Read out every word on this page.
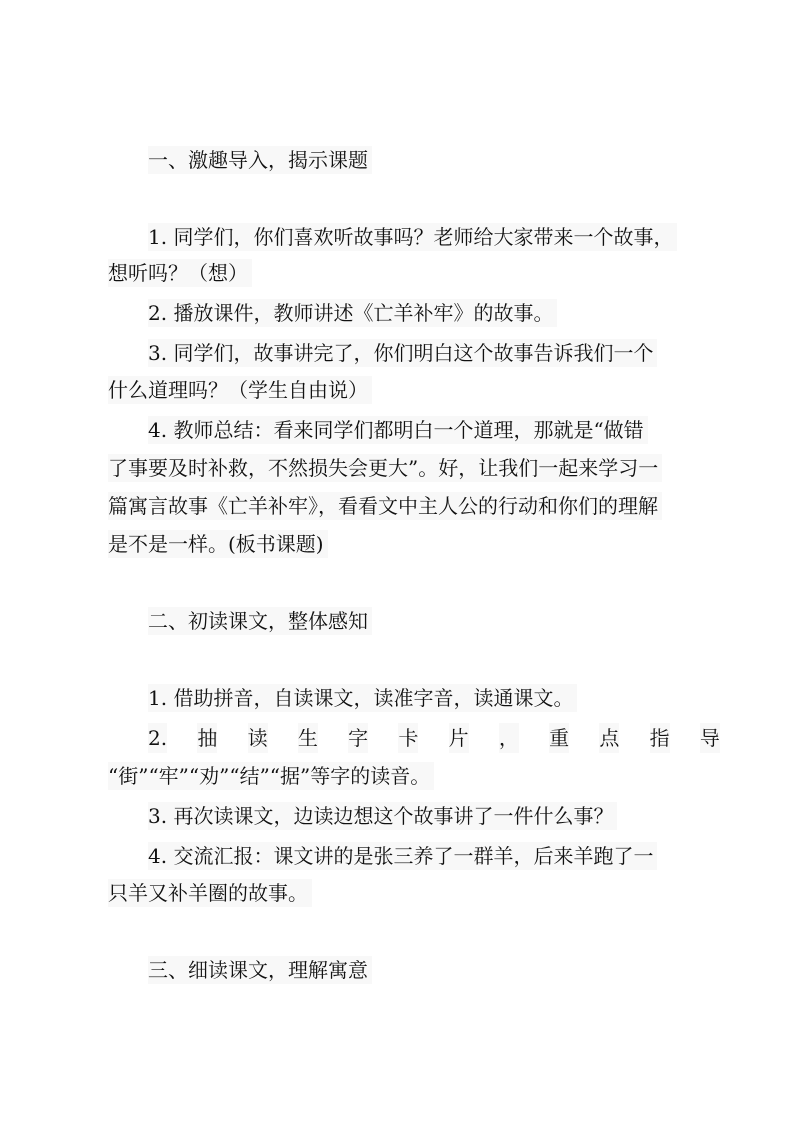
一、激趣导入，揭示课题
1. 同学们，你们喜欢听故事吗？老师给大家带来一个故事，
想听吗？（想）
2. 播放课件，教师讲述《亡羊补牢》的故事。
3. 同学们，故事讲完了，你们明白这个故事告诉我们一个
什么道理吗？（学生自由说）
4. 教师总结：看来同学们都明白一个道理，那就是“做错
了事要及时补救，不然损失会更大”。好，让我们一起来学习一
篇寓言故事《亡羊补牢》，看看文中主人公的行动和你们的理解
是不是一样。(板书课题)
二、初读课文，整体感知
1. 借助拼音，自读课文，读准字音，读通课文。
2. 抽 读 生 字 卡 片 ， 重 点 指 导
“街”“牢”“劝”“结”“据”等字的读音。
3. 再次读课文，边读边想这个故事讲了一件什么事？
4. 交流汇报：课文讲的是张三养了一群羊，后来羊跑了一
只羊又补羊圈的故事。
三、细读课文，理解寓意
